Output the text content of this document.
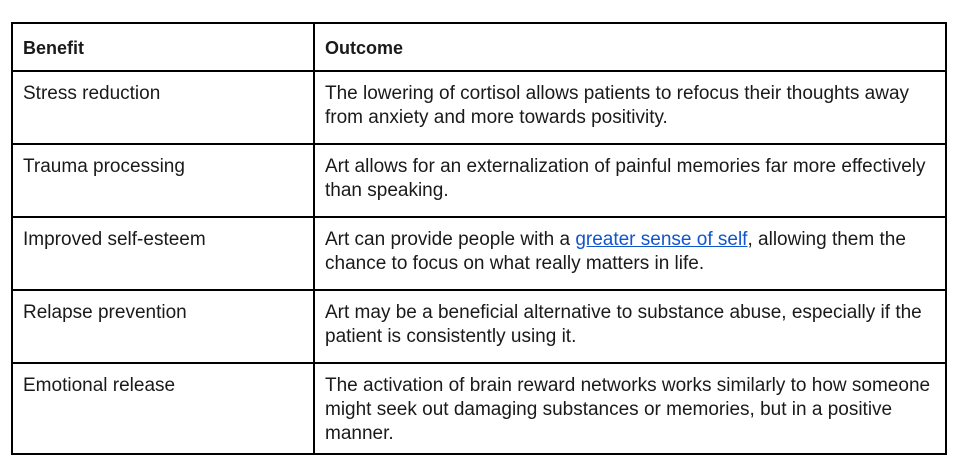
Benefit	Outcome
Stress reduction	The lowering of cortisol allows patients to refocus their thoughts away from anxiety and more towards positivity.
Trauma processing	Art allows for an externalization of painful memories far more effectively than speaking.
Improved self-esteem	Art can provide people with a greater sense of self, allowing them the chance to focus on what really matters in life.
Relapse prevention	Art may be a beneficial alternative to substance abuse, especially if the patient is consistently using it.
Emotional release	The activation of brain reward networks works similarly to how someone might seek out damaging substances or memories, but in a positive manner.
